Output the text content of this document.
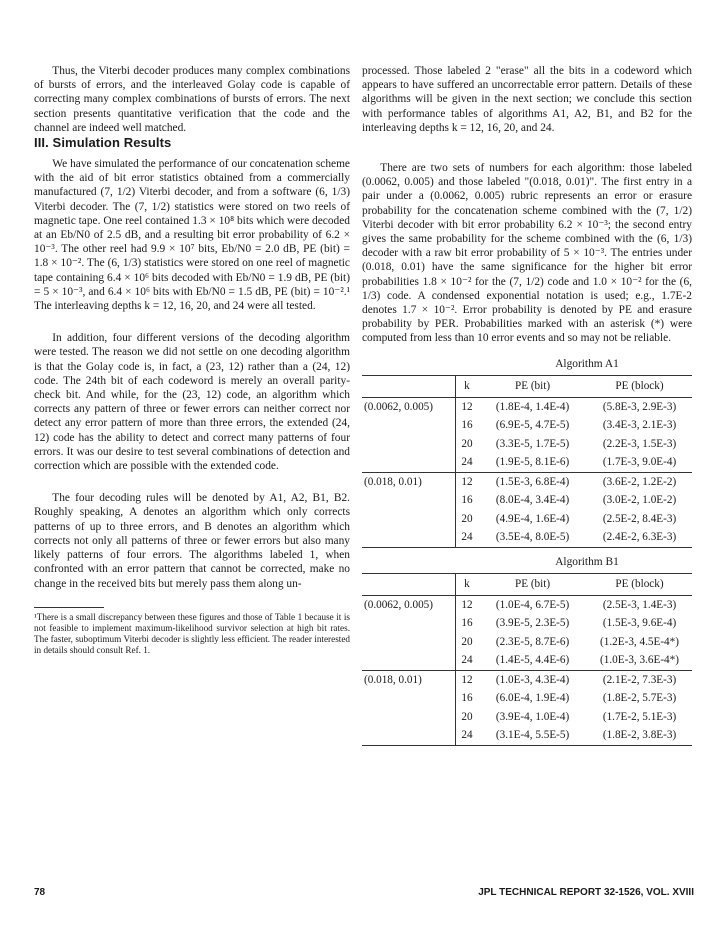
Thus, the Viterbi decoder produces many complex combinations of bursts of errors, and the interleaved Golay code is capable of correcting many complex combinations of bursts of errors. The next section presents quantitative verification that the code and the channel are indeed well matched.

III. Simulation Results

We have simulated the performance of our concatenation scheme with the aid of bit error statistics obtained from a commercially manufactured (7, 1/2) Viterbi decoder, and from a software (6, 1/3) Viterbi decoder. The (7, 1/2) statistics were stored on two reels of magnetic tape. One reel contained 1.3 × 10⁸ bits which were decoded at an Eb/N0 of 2.5 dB, and a resulting bit error probability of 6.2 × 10⁻³. The other reel had 9.9 × 10⁷ bits, Eb/N0 = 2.0 dB, PE (bit) = 1.8 × 10⁻². The (6, 1/3) statistics were stored on one reel of magnetic tape containing 6.4 × 10⁶ bits decoded with Eb/N0 = 1.9 dB, PE (bit) = 5 × 10⁻³, and 6.4 × 10⁶ bits with Eb/N0 = 1.5 dB, PE (bit) = 10⁻².¹ The interleaving depths k = 12, 16, 20, and 24 were all tested.

In addition, four different versions of the decoding algorithm were tested. The reason we did not settle on one decoding algorithm is that the Golay code is, in fact, a (23, 12) rather than a (24, 12) code. The 24th bit of each codeword is merely an overall parity-check bit. And while, for the (23, 12) code, an algorithm which corrects any pattern of three or fewer errors can neither correct nor detect any error pattern of more than three errors, the extended (24, 12) code has the ability to detect and correct many patterns of four errors. It was our desire to test several combinations of detection and correction which are possible with the extended code.

The four decoding rules will be denoted by A1, A2, B1, B2. Roughly speaking, A denotes an algorithm which only corrects patterns of up to three errors, and B denotes an algorithm which corrects not only all patterns of three or fewer errors but also many likely patterns of four errors. The algorithms labeled 1, when confronted with an error pattern that cannot be corrected, make no change in the received bits but merely pass them along un-

¹There is a small discrepancy between these figures and those of Table 1 because it is not feasible to implement maximum-likelihood survivor selection at high bit rates. The faster, suboptimum Viterbi decoder is slightly less efficient. The reader interested in details should consult Ref. 1.

processed. Those labeled 2 "erase" all the bits in a codeword which appears to have suffered an uncorrectable error pattern. Details of these algorithms will be given in the next section; we conclude this section with performance tables of algorithms A1, A2, B1, and B2 for the interleaving depths k = 12, 16, 20, and 24.

There are two sets of numbers for each algorithm: those labeled (0.0062, 0.005) and those labeled "(0.018, 0.01)". The first entry in a pair under a (0.0062, 0.005) rubric represents an error or erasure probability for the concatenation scheme combined with the (7, 1/2) Viterbi decoder with bit error probability 6.2 × 10⁻³; the second entry gives the same probability for the scheme combined with the (6, 1/3) decoder with a raw bit error probability of 5 × 10⁻³. The entries under (0.018, 0.01) have the same significance for the higher bit error probabilities 1.8 × 10⁻² for the (7, 1/2) code and 1.0 × 10⁻² for the (6, 1/3) code. A condensed exponential notation is used; e.g., 1.7E-2 denotes 1.7 × 10⁻². Error probability is denoted by PE and erasure probability by PER. Probabilities marked with an asterisk (*) were computed from less than 10 error events and so may not be reliable.

Algorithm A1
	k	PE (bit)	PE (block)
(0.0062, 0.005)	12	(1.8E-4, 1.4E-4)	(5.8E-3, 2.9E-3)
	16	(6.9E-5, 4.7E-5)	(3.4E-3, 2.1E-3)
	20	(3.3E-5, 1.7E-5)	(2.2E-3, 1.5E-3)
	24	(1.9E-5, 8.1E-6)	(1.7E-3, 9.0E-4)
(0.018, 0.01)	12	(1.5E-3, 6.8E-4)	(3.6E-2, 1.2E-2)
	16	(8.0E-4, 3.4E-4)	(3.0E-2, 1.0E-2)
	20	(4.9E-4, 1.6E-4)	(2.5E-2, 8.4E-3)
	24	(3.5E-4, 8.0E-5)	(2.4E-2, 6.3E-3)
Algorithm B1
	k	PE (bit)	PE (block)
(0.0062, 0.005)	12	(1.0E-4, 6.7E-5)	(2.5E-3, 1.4E-3)
	16	(3.9E-5, 2.3E-5)	(1.5E-3, 9.6E-4)
	20	(2.3E-5, 8.7E-6)	(1.2E-3, 4.5E-4*)
	24	(1.4E-5, 4.4E-6)	(1.0E-3, 3.6E-4*)
(0.018, 0.01)	12	(1.0E-3, 4.3E-4)	(2.1E-2, 7.3E-3)
	16	(6.0E-4, 1.9E-4)	(1.8E-2, 5.7E-3)
	20	(3.9E-4, 1.0E-4)	(1.7E-2, 5.1E-3)
	24	(3.1E-4, 5.5E-5)	(1.8E-2, 3.8E-3)
78	JPL TECHNICAL REPORT 32-1526, VOL. XVIII
